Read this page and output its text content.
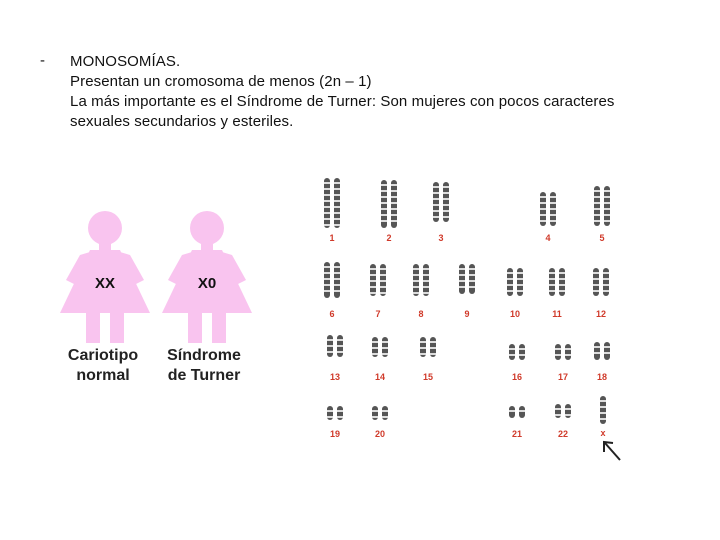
- MONOSOMÍAS.
Presentan un cromosoma de menos (2n – 1)
La más importante es el Síndrome de Turner: Son mujeres con pocos caracteres
sexuales secundarios y esteriles.
XX	X0
1	2	3	4	5
6	7	8	9	10	11	12
13	14	15	16	17	18
19	20	21	22	x
Cariotipo
normal
Síndrome
de Turner
